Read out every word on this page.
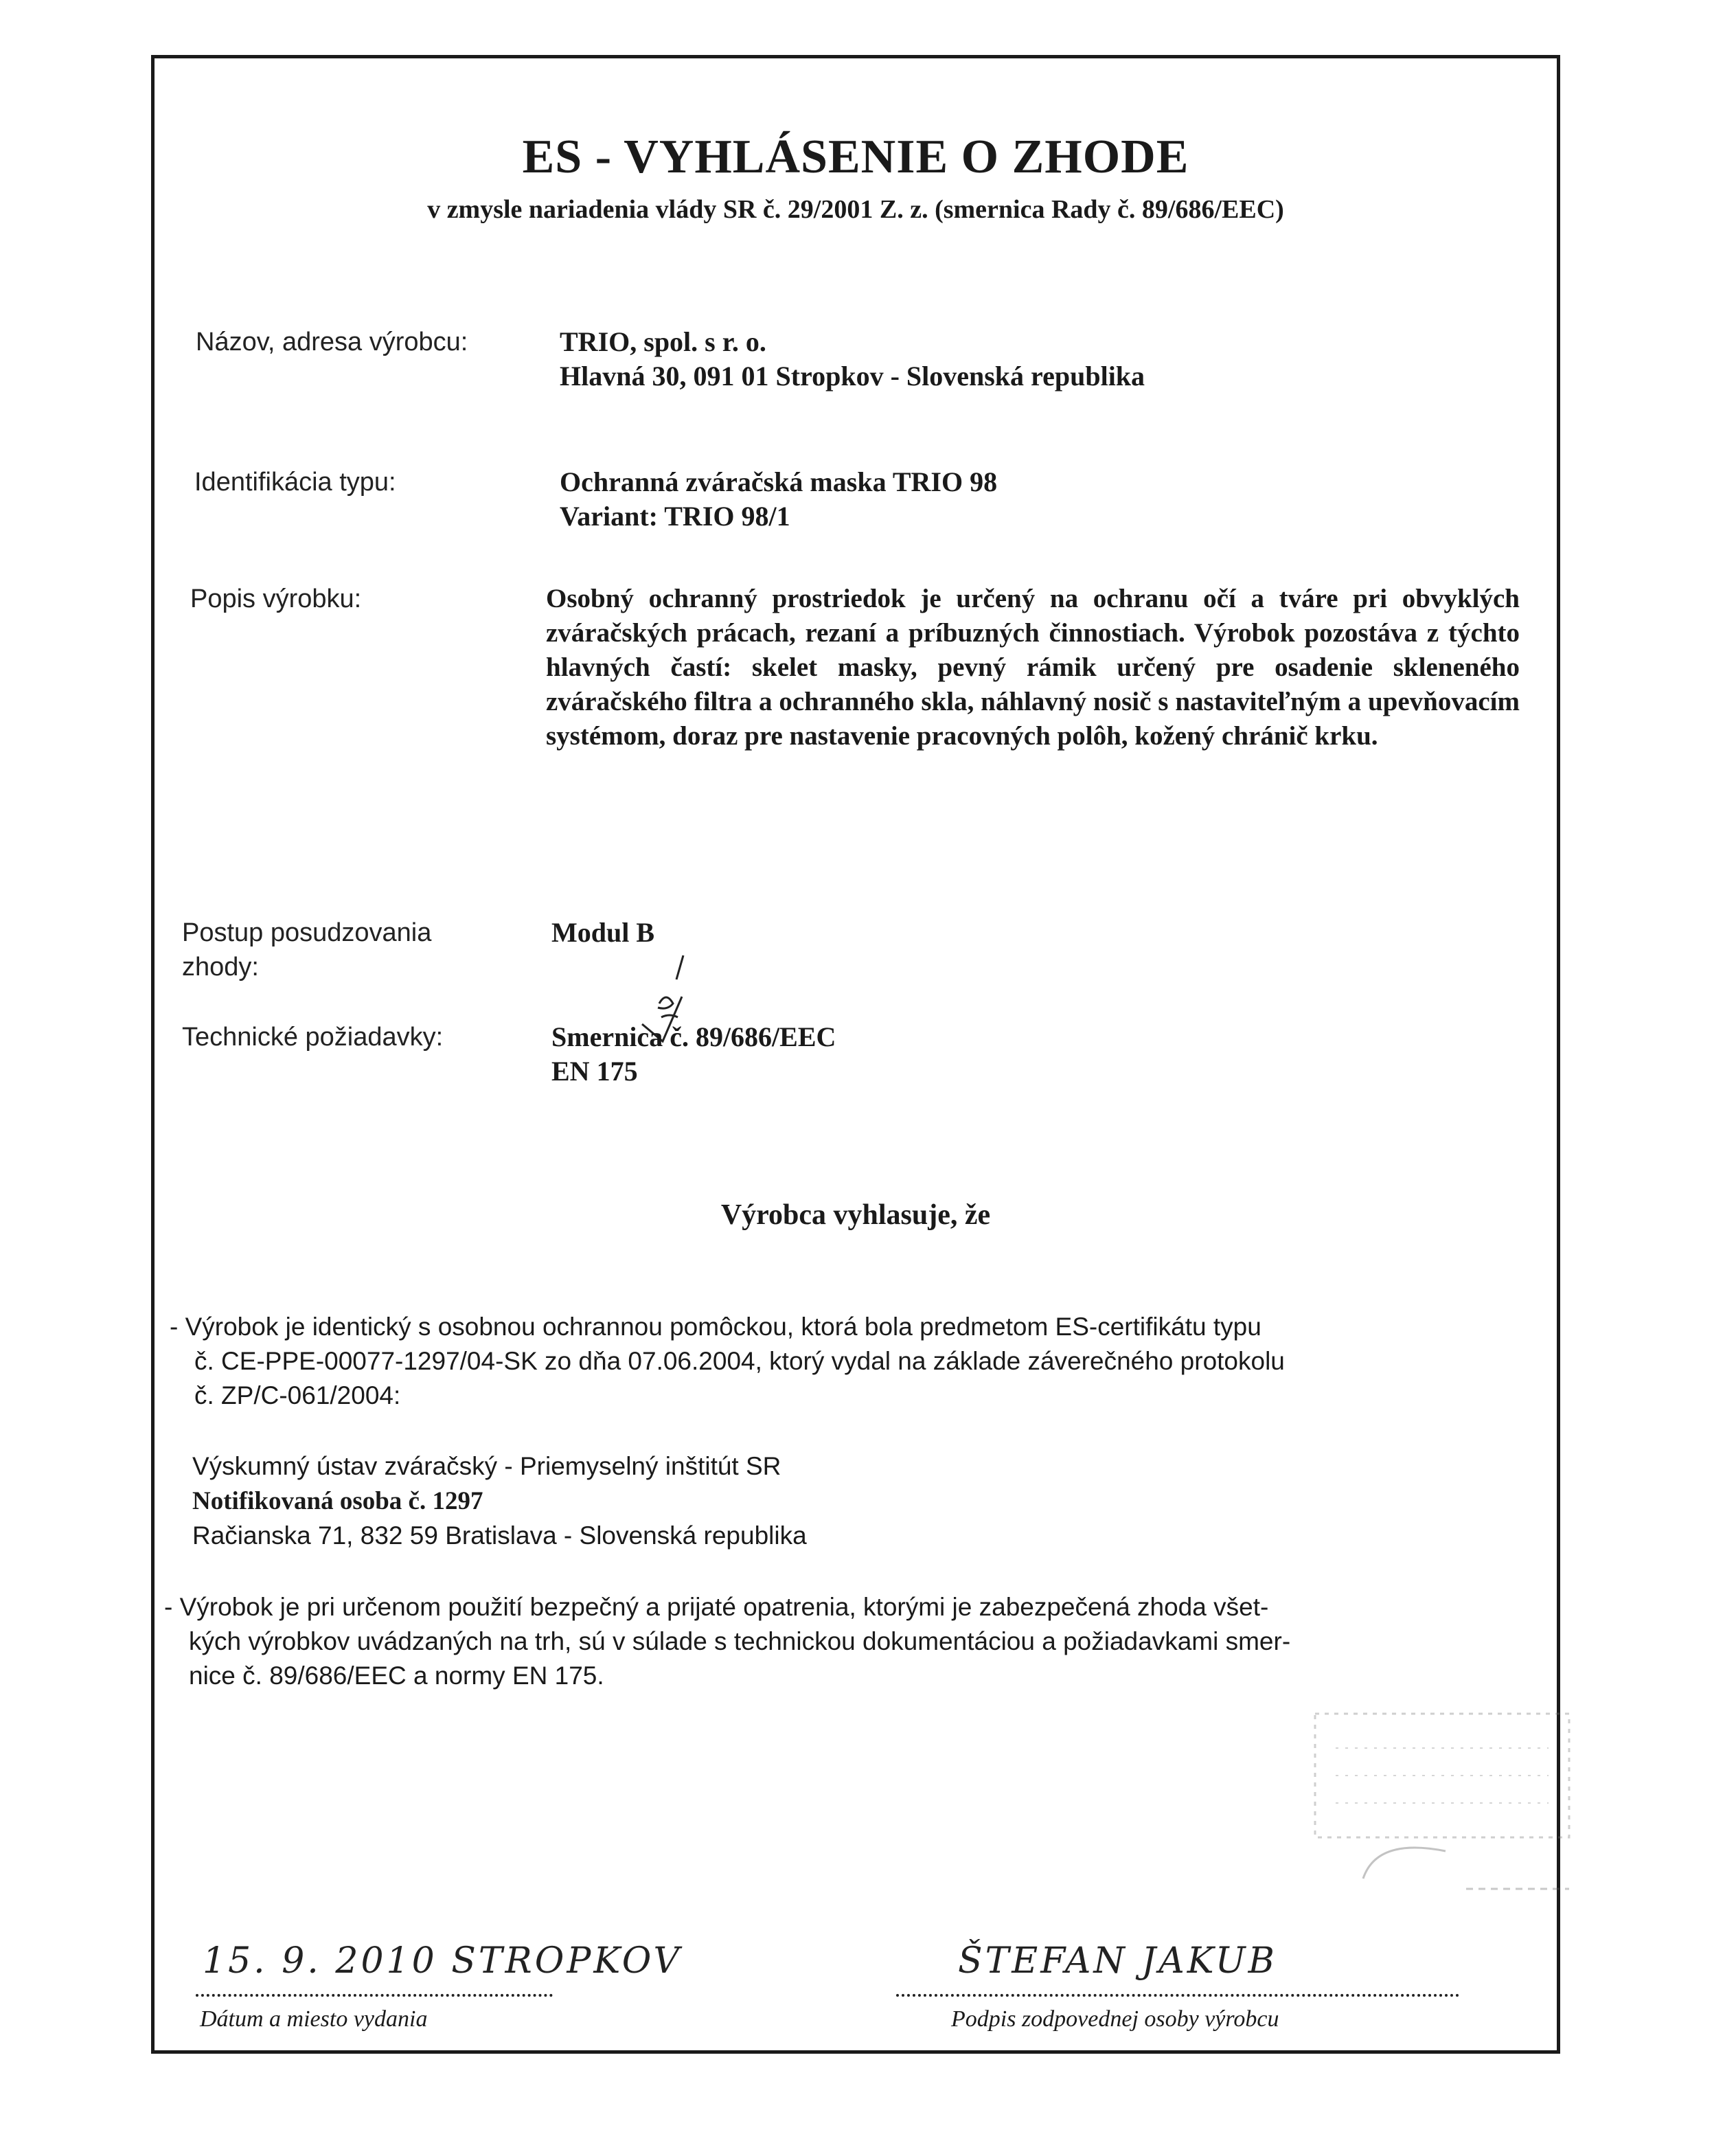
ES - VYHLÁSENIE O ZHODE
v zmysle nariadenia vlády SR č. 29/2001 Z. z. (smernica Rady č. 89/686/EEC)
Názov, adresa výrobcu:	TRIO, spol. s r. o.
Hlavná 30, 091 01 Stropkov - Slovenská republika
Identifikácia typu:	Ochranná zváračská maska TRIO 98
Variant: TRIO 98/1
Popis výrobku:	Osobný ochranný prostriedok je určený na ochranu očí a tváre pri obvyklých zváračských prácach, rezaní a príbuzných činnostiach. Výrobok pozostáva z týchto hlavných častí: skelet masky, pevný rámik určený pre osadenie skleneného zváračského filtra a ochranného skla, náhlavný nosič s nastaviteľným a upevňovacím systémom, doraz pre nastavenie pracovných polôh, kožený chránič krku.
Postup posudzovania
zhody:
Modul B
Technické požiadavky:	Smernica č. 89/686/EEC
EN 175
Výrobca vyhlasuje, že
- Výrobok je identický s osobnou ochrannou pomôckou, ktorá bola predmetom ES-certifikátu typu
č. CE-PPE-00077-1297/04-SK zo dňa 07.06.2004, ktorý vydal na základe záverečného protokolu
č. ZP/C-061/2004:
Výskumný ústav zváračský - Priemyselný inštitút SR
Notifikovaná osoba č. 1297
Račianska 71, 832 59 Bratislava - Slovenská republika
- Výrobok je pri určenom použití bezpečný a prijaté opatrenia, ktorými je zabezpečená zhoda všet-
kých výrobkov uvádzaných na trh, sú v súlade s technickou dokumentáciou a požiadavkami smer-
nice č. 89/686/EEC a normy EN 175.
15. 9. 2010 STROPKOV
Dátum a miesto vydania
ŠTEFAN JAKUB
Podpis zodpovednej osoby výrobcu
